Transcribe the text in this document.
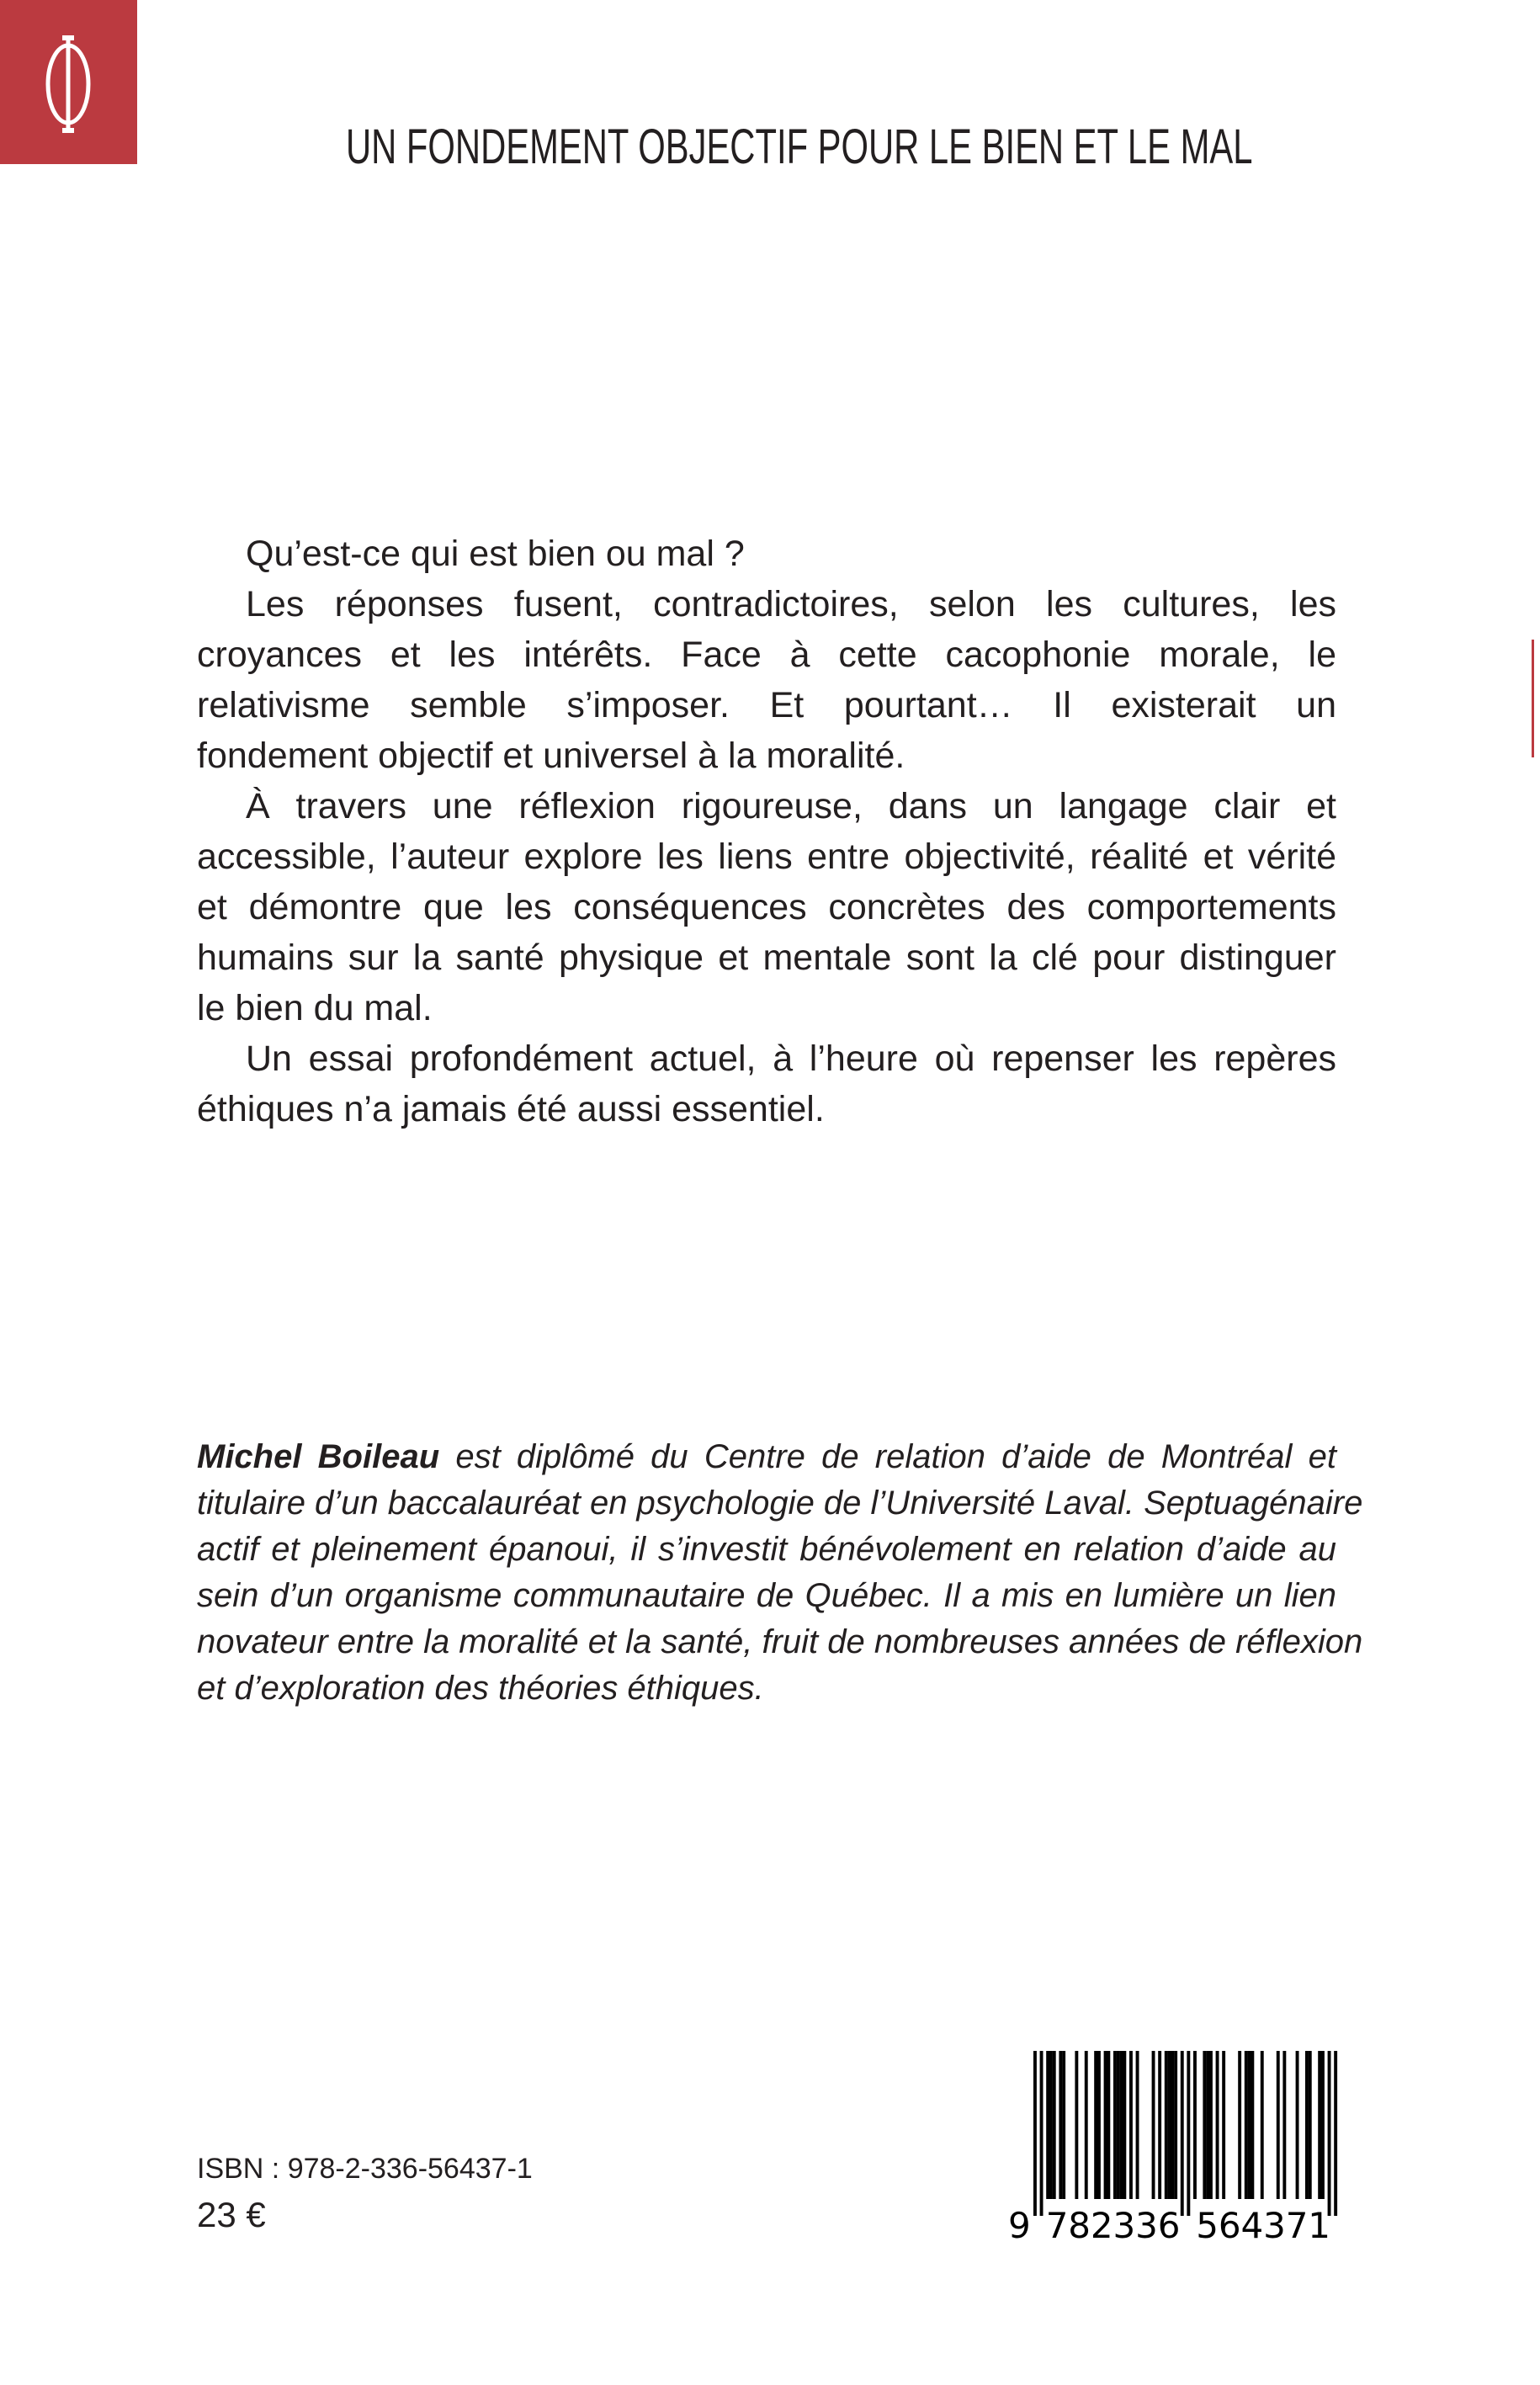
UN FONDEMENT OBJECTIF POUR LE BIEN ET LE MAL
Qu’est-ce qui est bien ou mal ?
Les réponses fusent, contradictoires, selon les cultures, les
croyances et les intérêts. Face à cette cacophonie morale, le
relativisme semble s’imposer. Et pourtant… Il existerait un
fondement objectif et universel à la moralité.
À travers une réflexion rigoureuse, dans un langage clair et
accessible, l’auteur explore les liens entre objectivité, réalité et vérité
et démontre que les conséquences concrètes des comportements
humains sur la santé physique et mentale sont la clé pour distinguer
le bien du mal.
Un essai profondément actuel, à l’heure où repenser les repères
éthiques n’a jamais été aussi essentiel.
Michel Boileau est diplômé du Centre de relation d’aide de Montréal et
titulaire d’un baccalauréat en psychologie de l’Université Laval. Septuagénaire
actif et pleinement épanoui, il s’investit bénévolement en relation d’aide au
sein d’un organisme communautaire de Québec. Il a mis en lumière un lien
novateur entre la moralité et la santé, fruit de nombreuses années de réflexion
et d’exploration des théories éthiques.
ISBN : 978-2-336-56437-1
23 €	9 7 8 2 3 3 6 5 6 4 3 7 1
